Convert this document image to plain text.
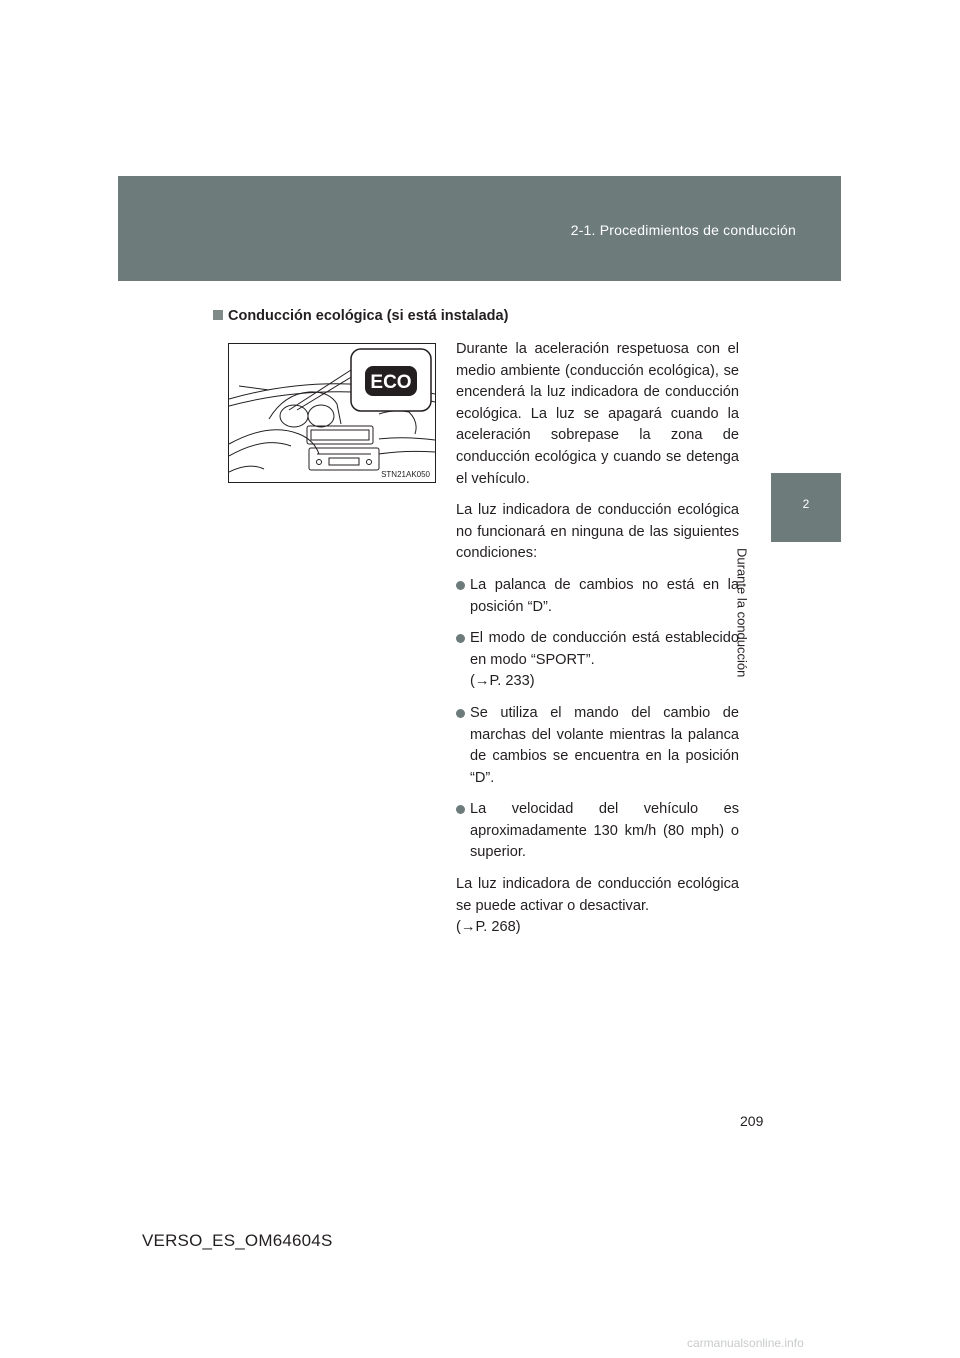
2-1. Procedimientos de conducción
2
Durante la conducción
Conducción ecológica (si está instalada)
ECO
STN21AK050

Durante la aceleración respetuosa con el medio ambiente (conducción ecológica), se encenderá la luz indicadora de conducción ecológica. La luz se apagará cuando la aceleración sobrepase la zona de conducción ecológica y cuando se detenga el vehículo.

La luz indicadora de conducción ecológica no funcionará en ninguna de las siguientes condiciones:

La palanca de cambios no está en la posición “D”.
El modo de conducción está establecido en modo “SPORT”.
(→P. 233)
Se utiliza el mando del cambio de marchas del volante mientras la palanca de cambios se encuentra en la posición “D”.
La velocidad del vehículo es aproximadamente 130 km/h (80 mph) o superior.

La luz indicadora de conducción ecológica se puede activar o desactivar.
(→P. 268)

209
VERSO_ES_OM64604S
carmanualsonline.info
